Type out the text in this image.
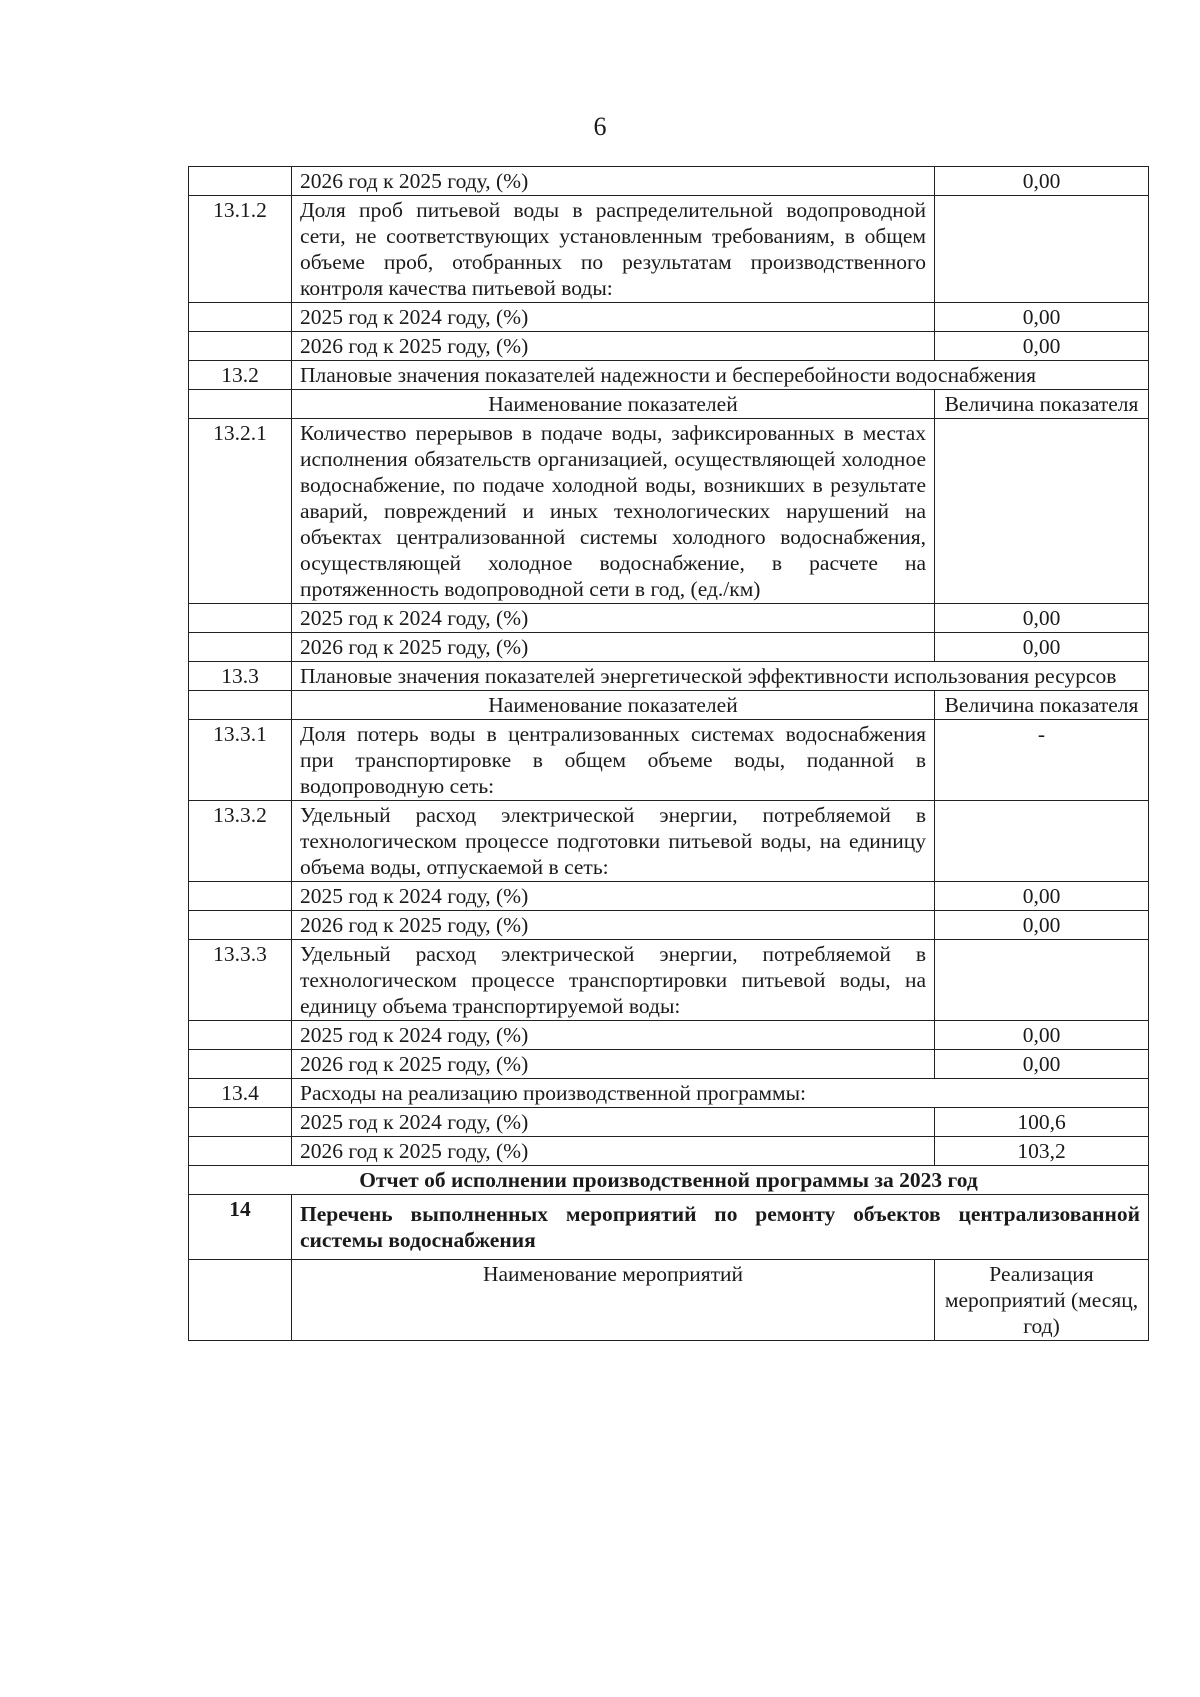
6
	2026 год к 2025 году, (%)	0,00
13.1.2	Доля проб питьевой воды в распределительной водопроводной сети, не соответствующих установленным требованиям, в общем объеме проб, отобранных по результатам производственного контроля качества питьевой воды:	
	2025 год к 2024 году, (%)	0,00
	2026 год к 2025 году, (%)	0,00
13.2	Плановые значения показателей надежности и бесперебойности водоснабжения	
	Наименование показателей	Величина показателя
13.2.1	Количество перерывов в подаче воды, зафиксированных в местах исполнения обязательств организацией, осуществляющей холодное водоснабжение, по подаче холодной воды, возникших в результате аварий, повреждений и иных технологических нарушений на объектах централизованной системы холодного водоснабжения, осуществляющей холодное водоснабжение, в расчете на протяженность водопроводной сети в год, (ед./км)	
	2025 год к 2024 году, (%)	0,00
	2026 год к 2025 году, (%)	0,00
13.3	Плановые значения показателей энергетической эффективности использования ресурсов	
	Наименование показателей	Величина показателя
13.3.1	Доля потерь воды в централизованных системах водоснабжения при транспортировке в общем объеме воды, поданной в водопроводную сеть:	-
13.3.2	Удельный расход электрической энергии, потребляемой в технологическом процессе подготовки питьевой воды, на единицу объема воды, отпускаемой в сеть:	
	2025 год к 2024 году, (%)	0,00
	2026 год к 2025 году, (%)	0,00
13.3.3	Удельный расход электрической энергии, потребляемой в технологическом процессе транспортировки питьевой воды, на единицу объема транспортируемой воды:	
	2025 год к 2024 году, (%)	0,00
	2026 год к 2025 году, (%)	0,00
13.4	Расходы на реализацию производственной программы:	
	2025 год к 2024 году, (%)	100,6
	2026 год к 2025 году, (%)	103,2
Отчет об исполнении производственной программы за 2023 год		
14	Перечень выполненных мероприятий по ремонту объектов централизованной системы водоснабжения	
	Наименование мероприятий	Реализация мероприятий (месяц, год)
